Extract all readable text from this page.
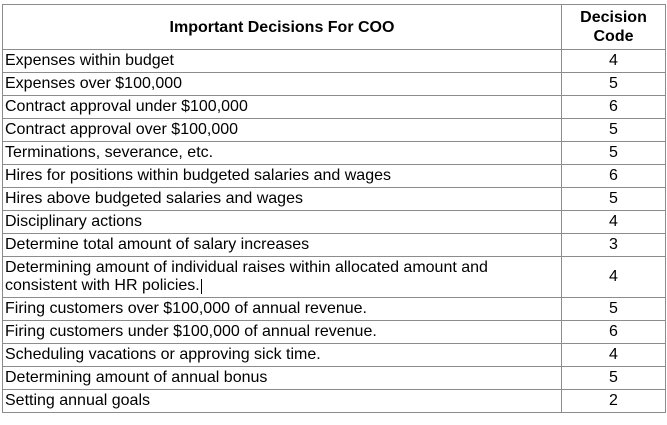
Important Decisions For COO	Decision Code
Expenses within budget	4
Expenses over $100,000	5
Contract approval under $100,000	6
Contract approval over $100,000	5
Terminations, severance, etc.	5
Hires for positions within budgeted salaries and wages	6
Hires above budgeted salaries and wages	5
Disciplinary actions	4
Determine total amount of salary increases	3
Determining amount of individual raises within allocated amount and consistent with HR policies.	4
Firing customers over $100,000 of annual revenue.	5
Firing customers under $100,000 of annual revenue.	6
Scheduling vacations or approving sick time.	4
Determining amount of annual bonus	5
Setting annual goals	2
